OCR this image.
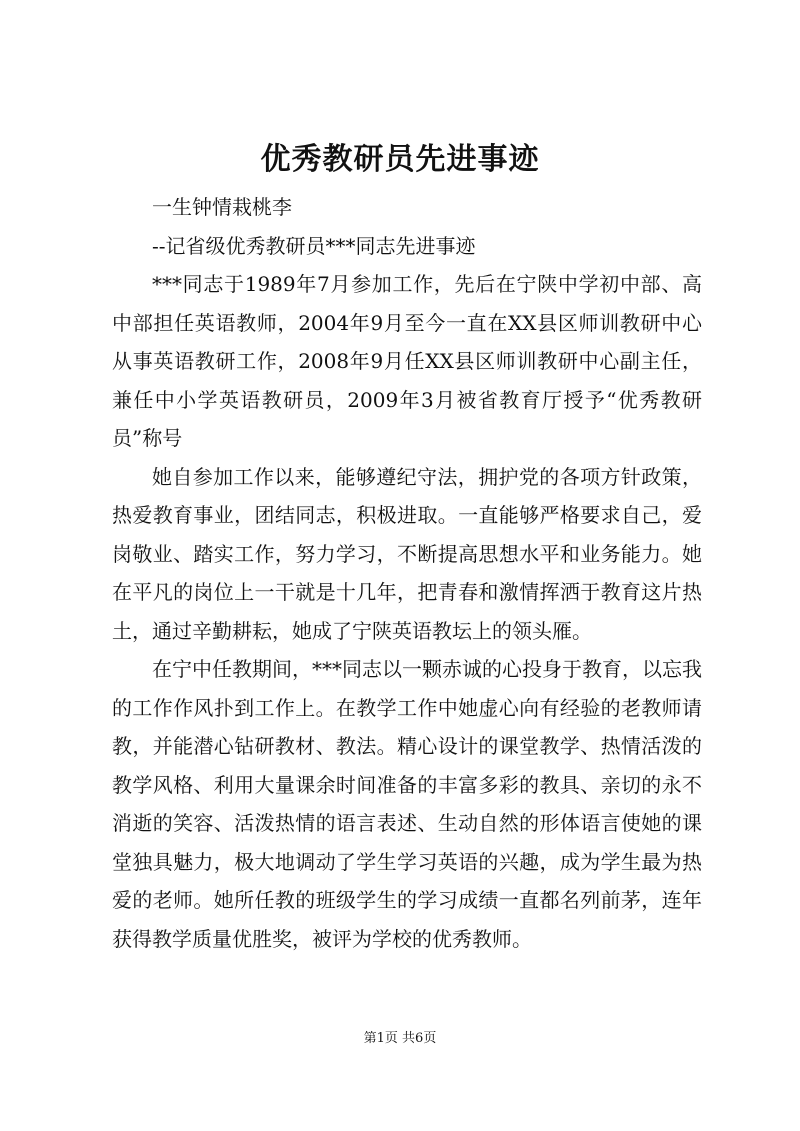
优秀教研员先进事迹

一生钟情栽桃李

--记省级优秀教研员***同志先进事迹

***同志于1989年7月参加工作，先后在宁陕中学初中部、高中部担任英语教师，2004年9月至今一直在XX县区师训教研中心从事英语教研工作，2008年9月任XX县区师训教研中心副主任，兼任中小学英语教研员，2009年3月被省教育厅授予“优秀教研员”称号

她自参加工作以来，能够遵纪守法，拥护党的各项方针政策，热爱教育事业，团结同志，积极进取。一直能够严格要求自己，爱岗敬业、踏实工作，努力学习，不断提高思想水平和业务能力。她在平凡的岗位上一干就是十几年，把青春和激情挥洒于教育这片热土，通过辛勤耕耘，她成了宁陕英语教坛上的领头雁。

在宁中任教期间，***同志以一颗赤诚的心投身于教育，以忘我的工作作风扑到工作上。在教学工作中她虚心向有经验的老教师请教，并能潜心钻研教材、教法。精心设计的课堂教学、热情活泼的教学风格、利用大量课余时间准备的丰富多彩的教具、亲切的永不消逝的笑容、活泼热情的语言表述、生动自然的形体语言使她的课堂独具魅力，极大地调动了学生学习英语的兴趣，成为学生最为热爱的老师。她所任教的班级学生的学习成绩一直都名列前茅，连年获得教学质量优胜奖，被评为学校的优秀教师。

第1页 共6页
